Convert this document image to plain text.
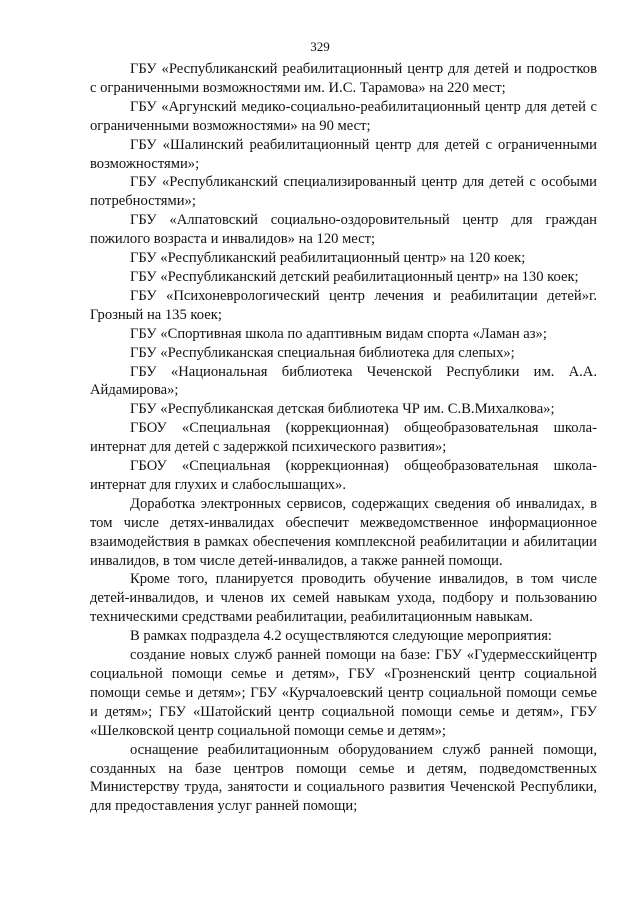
329

ГБУ «Республиканский реабилитационный центр для детей и подростков с ограниченными возможностями им. И.С. Тарамова» на 220 мест;

ГБУ «Аргунский медико-социально-реабилитационный центр для детей с ограниченными возможностями» на 90 мест;

ГБУ «Шалинский реабилитационный центр для детей с ограниченными возможностями»;

ГБУ «Республиканский специализированный центр для детей с особыми потребностями»;

ГБУ «Алпатовский социально-оздоровительный центр для граждан пожилого возраста и инвалидов» на 120 мест;

ГБУ «Республиканский реабилитационный центр» на 120 коек;

ГБУ «Республиканский детский реабилитационный центр» на 130 коек;

ГБУ «Психоневрологический центр лечения и реабилитации детей»г. Грозный на 135 коек;

ГБУ «Спортивная школа по адаптивным видам спорта «Ламан аз»;

ГБУ «Республиканская специальная библиотека для слепых»;

ГБУ «Национальная библиотека Чеченской Республики им. А.А. Айдамирова»;

ГБУ «Республиканская детская библиотека ЧР им. С.В.Михалкова»;

ГБОУ «Специальная (коррекционная) общеобразовательная школа-интернат для детей с задержкой психического развития»;

ГБОУ «Специальная (коррекционная) общеобразовательная школа-интернат для глухих и слабослышащих».

Доработка электронных сервисов, содержащих сведения об инвалидах, в том числе детях-инвалидах обеспечит межведомственное информационное взаимодействия в рамках обеспечения комплексной реабилитации и абилитации инвалидов, в том числе детей-инвалидов, а также ранней помощи.

Кроме того, планируется проводить обучение инвалидов, в том числе детей-инвалидов, и членов их семей навыкам ухода, подбору и пользованию техническими средствами реабилитации, реабилитационным навыкам.

В рамках подраздела 4.2 осуществляются следующие мероприятия:

создание новых служб ранней помощи на базе: ГБУ «Гудермесскийцентр социальной помощи семье и детям», ГБУ «Грозненский центр социальной помощи семье и детям»; ГБУ «Курчалоевский центр социальной помощи семье и детям»; ГБУ «Шатойский центр социальной помощи семье и детям», ГБУ «Шелковской центр социальной помощи семье и детям»;

оснащение реабилитационным оборудованием служб ранней помощи, созданных на базе центров помощи семье и детям, подведомственных Министерству труда, занятости и социального развития Чеченской Республики, для предоставления услуг ранней помощи;
